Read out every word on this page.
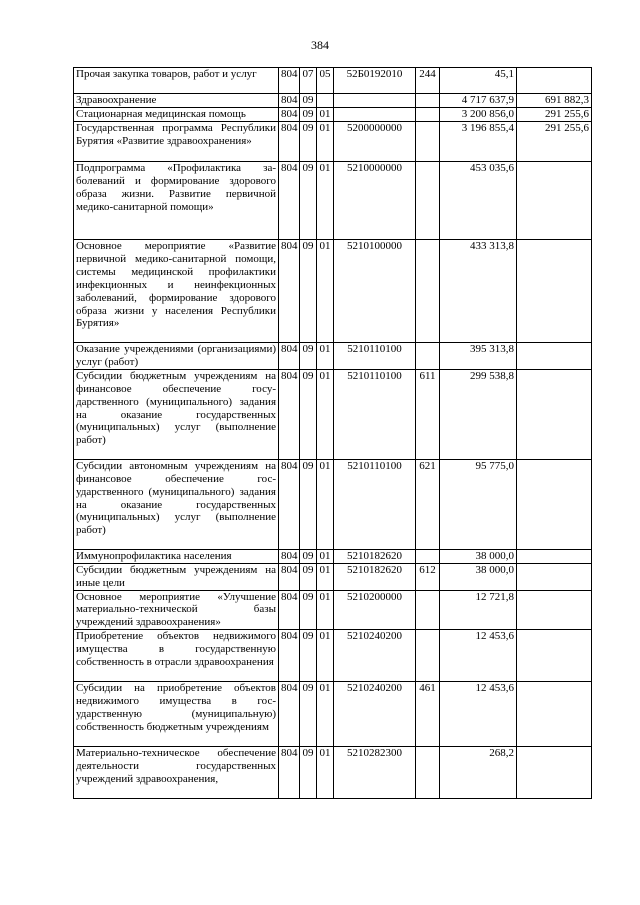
384
Прочая закупка товаров, работ и услуг	804	07	05	52Б0192010	244	45,1	
Здравоохранение	804	09				4 717 637,9	691 882,3
Стационарная медицинская помощь	804	09	01			3 200 856,0	291 255,6
Государственная программа Республики Бурятия «Развитие здравоохранения»	804	09	01	5200000000		3 196 855,4	291 255,6
Подпрограмма «Профилактика заболеваний и формирование здорового образа жизни. Развитие первичной медико-санитарной помощи»	804	09	01	5210000000		453 035,6	
Основное мероприятие «Развитие первичной медико-санитарной помощи, системы медицинской профилактики инфекционных и неинфекционных заболеваний, формирование здорового образа жизни у населения Республики Бурятия»	804	09	01	5210100000		433 313,8	
Оказание учреждениями (организациями) услуг (работ)	804	09	01	5210110100		395 313,8	
Субсидии бюджетным учреждениям на финансовое обеспечение государственного (муниципального) задания на оказание государственных (муниципальных) услуг (выполнение работ)	804	09	01	5210110100	611	299 538,8	
Субсидии автономным учреждениям на финансовое обеспечение государственного (муниципального) задания на оказание государственных (муниципальных) услуг (выполнение работ)	804	09	01	5210110100	621	95 775,0	
Иммунопрофилактика населения	804	09	01	5210182620		38 000,0	
Субсидии бюджетным учреждениям на иные цели	804	09	01	5210182620	612	38 000,0	
Основное мероприятие «Улучшение материально-технической базы учреждений здравоохранения»	804	09	01	5210200000		12 721,8	
Приобретение объектов недвижимого имущества в государственную собственность в отрасли здравоохранения	804	09	01	5210240200		12 453,6	
Субсидии на приобретение объектов недвижимого имущества в государственную (муниципальную) собственность бюджетным учреждениям	804	09	01	5210240200	461	12 453,6	
Материально-техническое обеспечение деятельности государственных учреждений здравоохранения,	804	09	01	5210282300		268,2	
